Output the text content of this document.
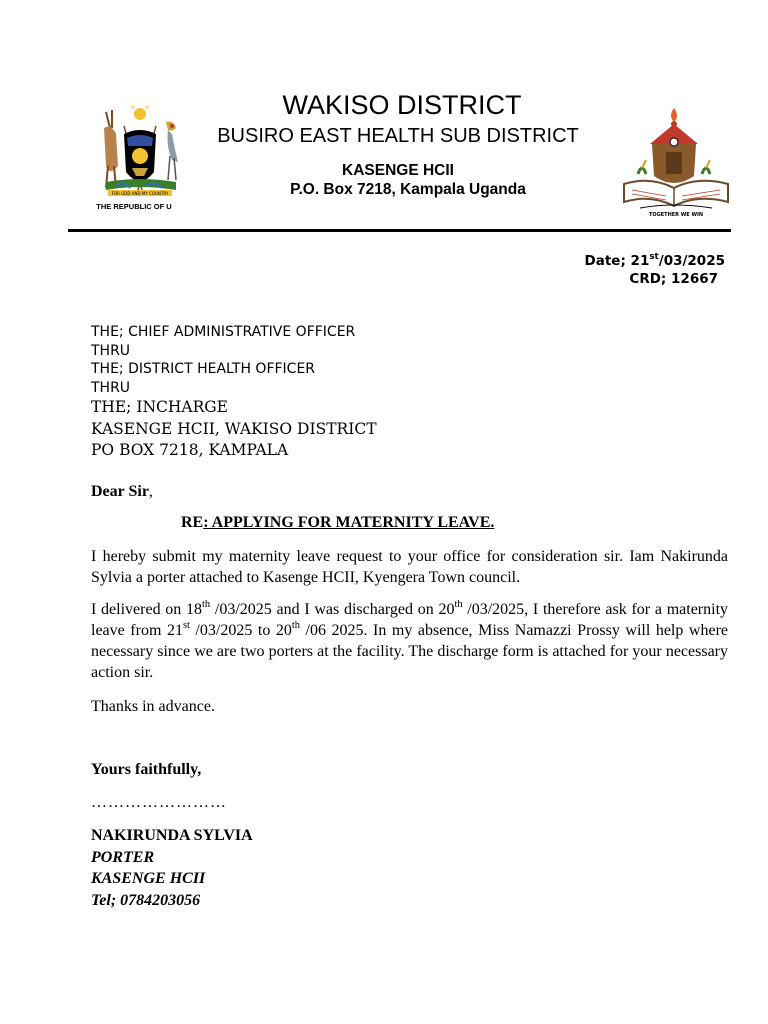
FOR GOD AND MY COUNTRY
THE REPUBLIC OF U
WAKISO DISTRICT
BUSIRO EAST HEALTH SUB DISTRICT
KASENGE HCII
P.O. Box 7218, Kampala Uganda
TOGETHER WE WIN
Date; 21st/03/2025
CRD; 12667
THE; CHIEF ADMINISTRATIVE OFFICER
THRU
THE; DISTRICT HEALTH OFFICER
THRU
THE; INCHARGE
KASENGE HCII, WAKISO DISTRICT
PO BOX 7218, KAMPALA
Dear Sir,
RE: APPLYING FOR MATERNITY LEAVE.
I hereby submit my maternity leave request to your office for consideration sir. Iam Nakirunda Sylvia a porter attached to Kasenge HCII, Kyengera Town council.
I delivered on 18th /03/2025 and I was discharged on 20th /03/2025, I therefore ask for a maternity leave from 21st /03/2025 to 20th /06 2025. In my absence, Miss Namazzi Prossy will help where necessary since we are two porters at the facility. The discharge form is attached for your necessary action sir.
Thanks in advance.
Yours faithfully,
……………………
NAKIRUNDA SYLVIA
PORTER
KASENGE HCII
Tel; 0784203056
